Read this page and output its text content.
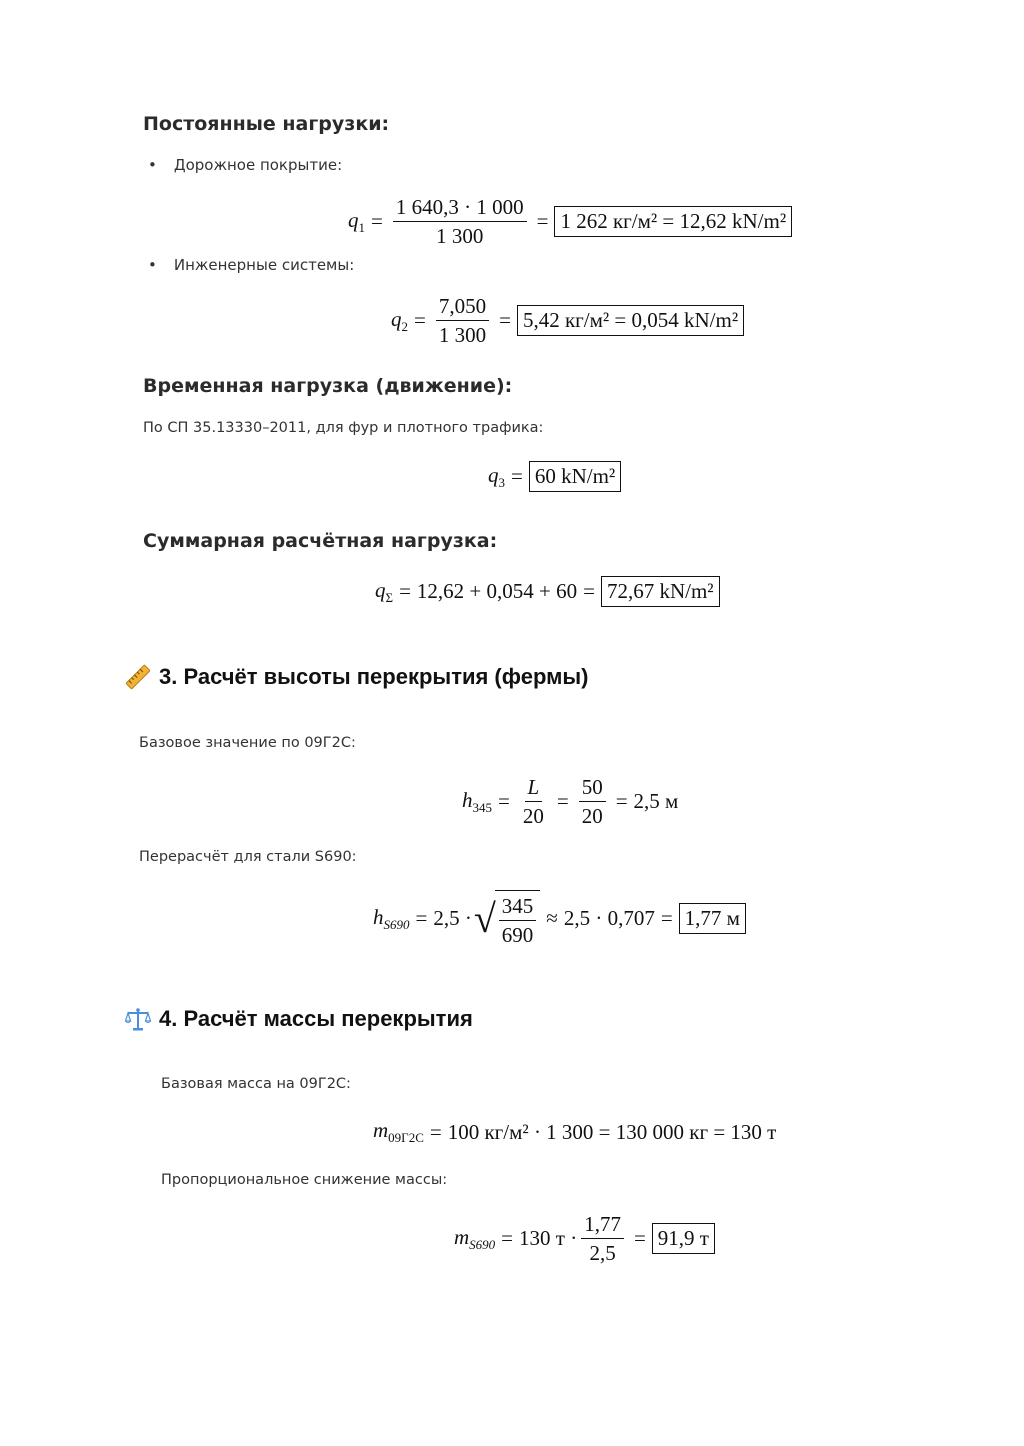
Постоянные нагрузки:
• Дорожное покрытие:
$q_1 = \frac{1 640,3 \cdot 1 000}{1 300} = 1$ 262 кг/м² = 12,62 kN/m²
• Инженерные системы:
$q_2 = \frac{7,050}{1 300} = 5,42$ кг/м² = 0,054 kN/m²
Временная нагрузка (движение):
По СП 35.13330–2011, для фур и плотного трафика:
$q_3 = 60$ kN/m²
Суммарная расчётная нагрузка:
$q_\Sigma = 12,62 + 0,054 + 60 = 72,67$ kN/m²
3. Расчёт высоты перекрытия (фермы)
Базовое значение по 09Г2С:
$h_{345} = \frac{L}{20} = \frac{50}{20} = 2,5$ м
Перерасчёт для стали S690:
$h_{S690} = 2,5$ · √ $\frac{345}{690} \approx 2,5 \cdot 0,707 = 1,77$ м
4. Расчёт массы перекрытия
Базовая масса на 09Г2С:
$m_{09Г2С} = 100$ кг/м² · 1 300 = 130 000 кг = 130 т
Пропорциональное снижение массы:
$m_{S690} = 130$ $т \cdot \frac{1,77}{2,5} = 91,9$ т
